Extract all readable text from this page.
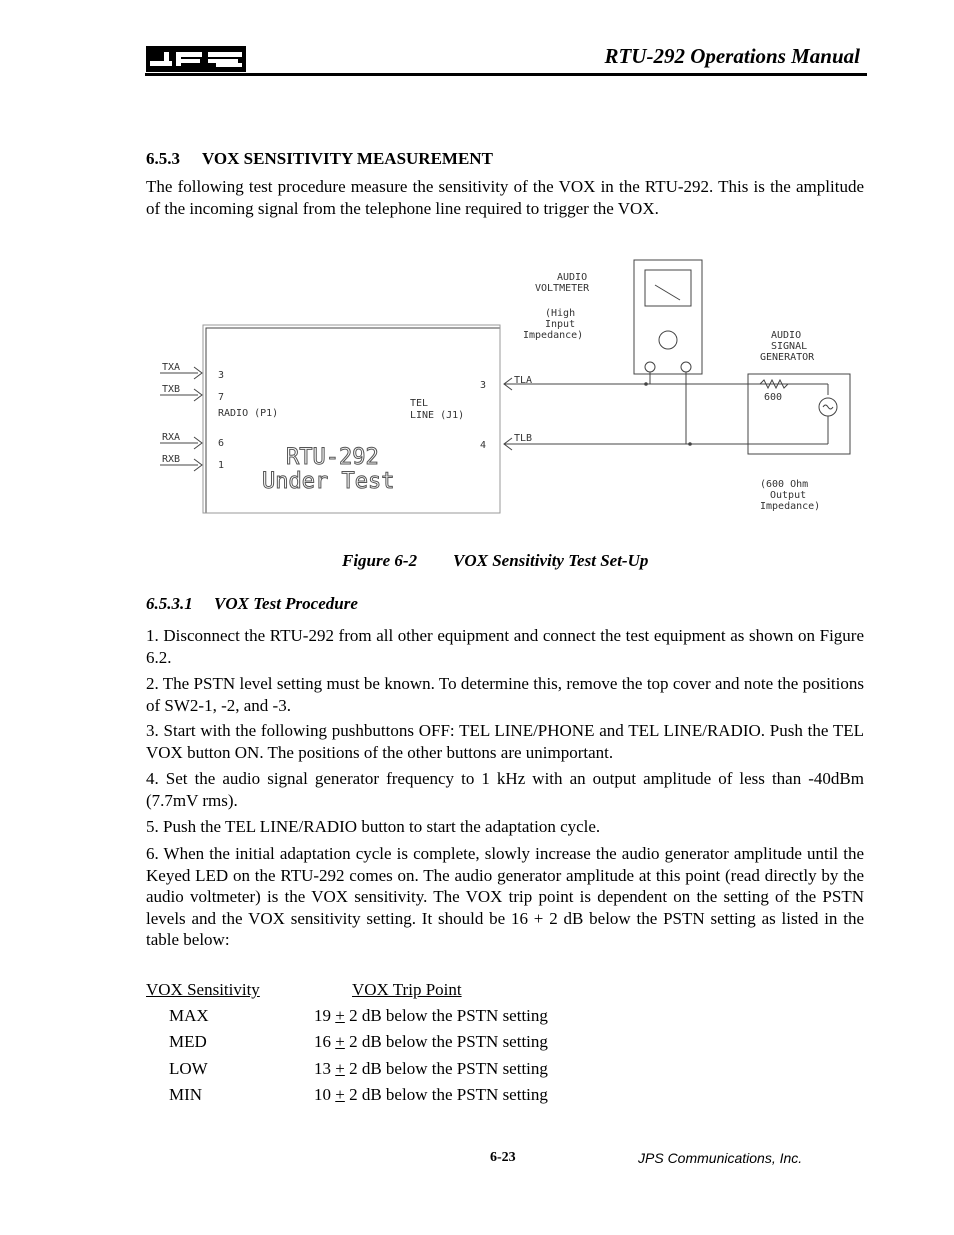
RTU-292 Operations Manual
6.5.3 VOX SENSITIVITY MEASUREMENT
The following test procedure measure the sensitivity of the VOX in the RTU-292. This is the amplitude of the incoming signal from the telephone line required to trigger the VOX.
TXA
TXB
RXA
RXB
3
7
6
1
RADIO (P1)
TEL
LINE (J1)
3
4
TLA
TLB
AUDIO
VOLTMETER
(High
Input
Impedance)	AUDIO
SIGNAL
GENERATOR
600
(600 Ohm
Output
Impedance)
RTU-292
Under Test
Figure 6-2 VOX Sensitivity Test Set-Up
6.5.3.1 VOX Test Procedure
1. Disconnect the RTU-292 from all other equipment and connect the test equipment as shown on Figure 6.2.
2. The PSTN level setting must be known. To determine this, remove the top cover and note the positions of SW2-1, -2, and -3.
3. Start with the following pushbuttons OFF: TEL LINE/PHONE and TEL LINE/RADIO. Push the TEL VOX button ON. The positions of the other buttons are unimportant.
4. Set the audio signal generator frequency to 1 kHz with an output amplitude of less than -40dBm (7.7mV rms).
5. Push the TEL LINE/RADIO button to start the adaptation cycle.
6. When the initial adaptation cycle is complete, slowly increase the audio generator amplitude until the Keyed LED on the RTU-292 comes on. The audio generator amplitude at this point (read directly by the audio voltmeter) is the VOX sensitivity. The VOX trip point is dependent on the setting of the PSTN levels and the VOX sensitivity setting. It should be 16 + 2 dB below the PSTN setting as listed in the table below:
VOX Sensitivity	VOX Trip Point
MAX	19 + 2 dB below the PSTN setting
MED	16 + 2 dB below the PSTN setting
LOW	13 + 2 dB below the PSTN setting
MIN	10 + 2 dB below the PSTN setting
6-23	JPS Communications, Inc.
